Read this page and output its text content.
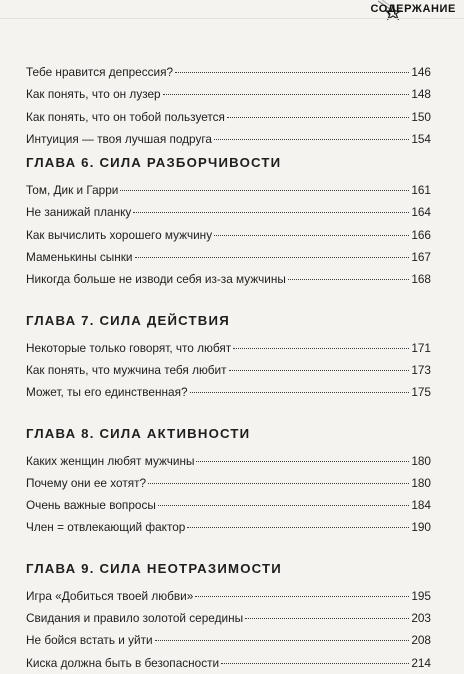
СОДЕРЖАНИЕ
Тебе нравится депрессия?	146
Как понять, что он лузер	148
Как понять, что он тобой пользуется	150
Интуиция — твоя лучшая подруга	154
ГЛАВА 6. СИЛА РАЗБОРЧИВОСТИ
Том, Дик и Гарри	161
Не занижай планку	164
Как вычислить хорошего мужчину	166
Маменькины сынки	167
Никогда больше не изводи себя из-за мужчины	168
ГЛАВА 7. СИЛА ДЕЙСТВИЯ
Некоторые только говорят, что любят	171
Как понять, что мужчина тебя любит	173
Может, ты его единственная?	175
ГЛАВА 8. СИЛА АКТИВНОСТИ
Каких женщин любят мужчины	180
Почему они ее хотят?	180
Очень важные вопросы	184
Член = отвлекающий фактор	190
ГЛАВА 9. СИЛА НЕОТРАЗИМОСТИ
Игра «Добиться твоей любви»	195
Свидания и правило золотой середины	203
Не бойся встать и уйти	208
Киска должна быть в безопасности	214
